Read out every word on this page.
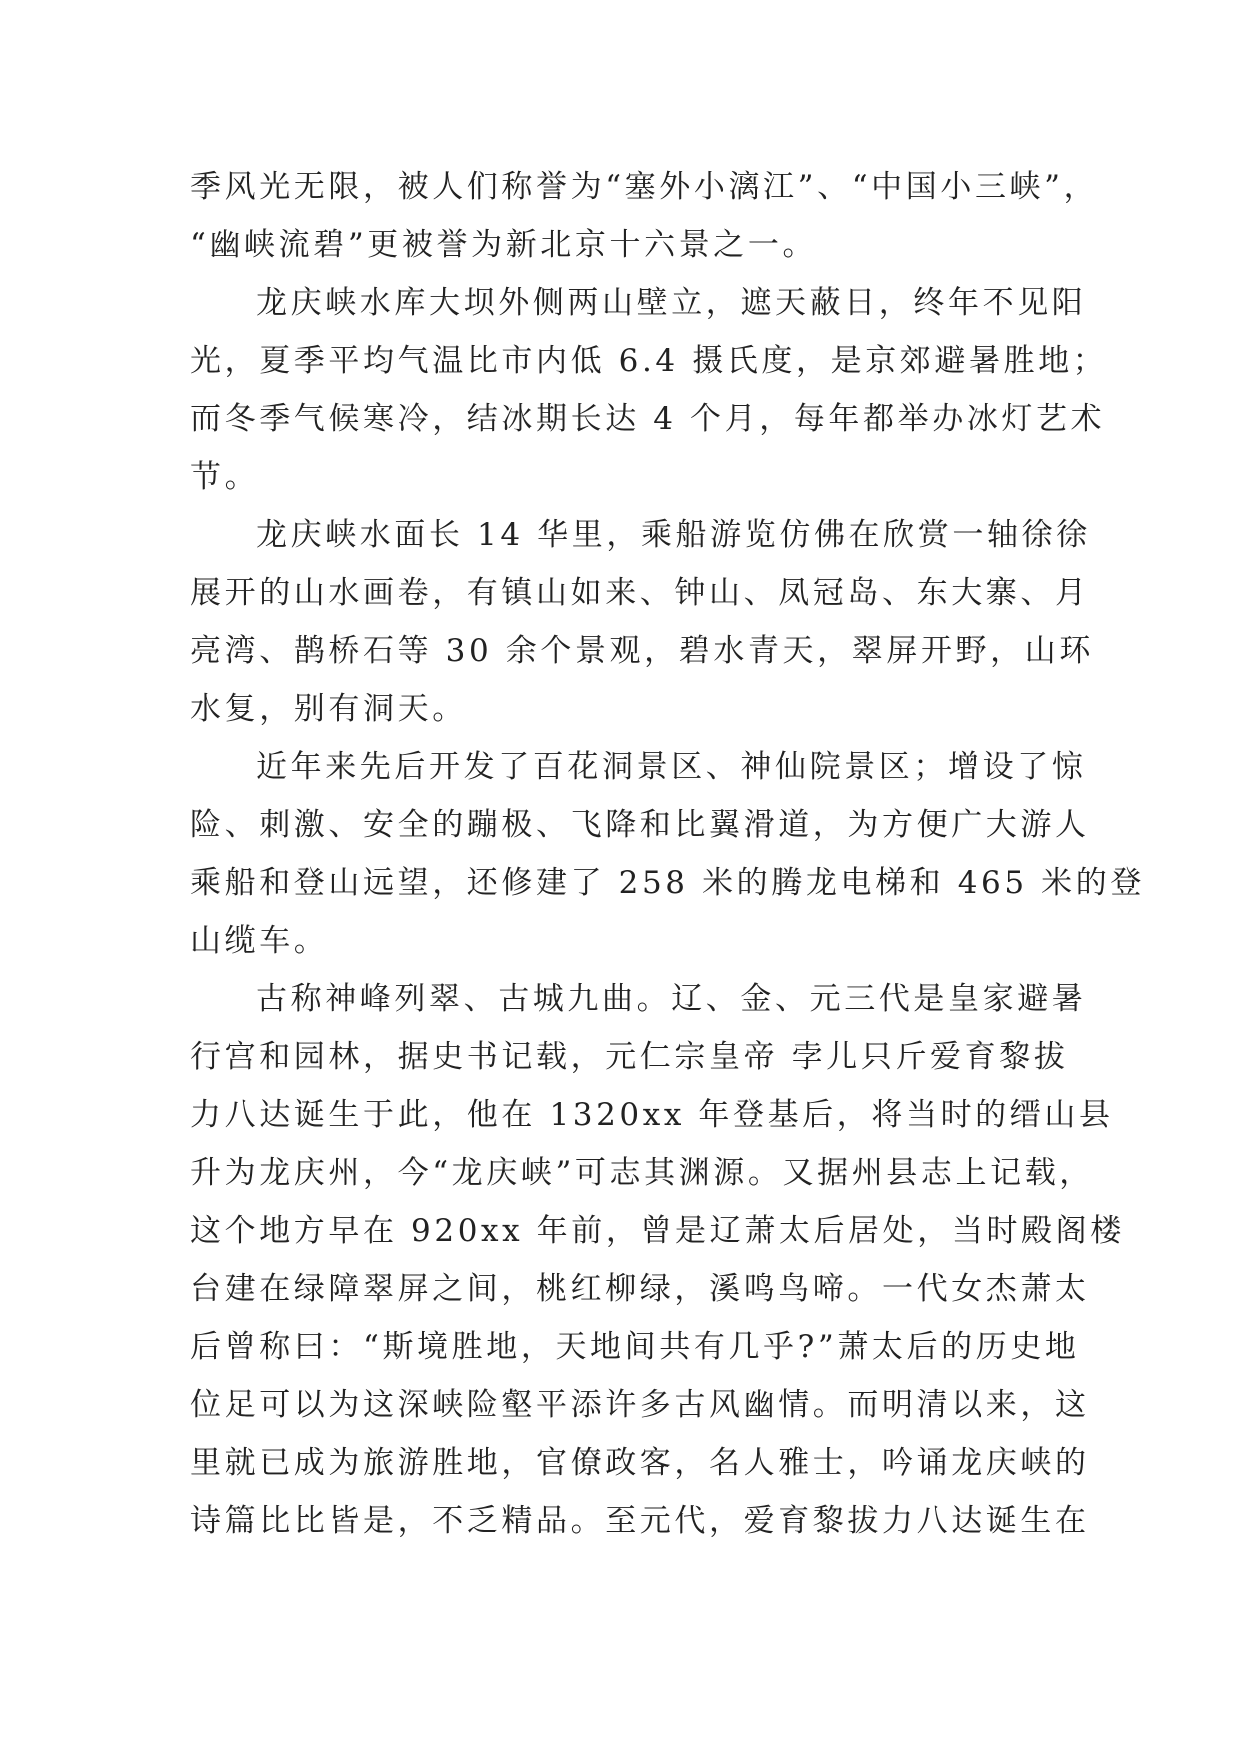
季风光无限，被人们称誉为“塞外小漓江”、“中国小三峡”，
“幽峡流碧”更被誉为新北京十六景之一。
龙庆峡水库大坝外侧两山壁立，遮天蔽日，终年不见阳
光，夏季平均气温比市内低 6.4 摄氏度，是京郊避暑胜地；
而冬季气候寒冷，结冰期长达 4 个月，每年都举办冰灯艺术
节。
龙庆峡水面长 14 华里，乘船游览仿佛在欣赏一轴徐徐
展开的山水画卷，有镇山如来、钟山、凤冠岛、东大寨、月
亮湾、鹊桥石等 30 余个景观，碧水青天，翠屏开野，山环
水复，别有洞天。
近年来先后开发了百花洞景区、神仙院景区；增设了惊
险、刺激、安全的蹦极、飞降和比翼滑道，为方便广大游人
乘船和登山远望，还修建了 258 米的腾龙电梯和 465 米的登
山缆车。
古称神峰列翠、古城九曲。辽、金、元三代是皇家避暑
行宫和园林，据史书记载，元仁宗皇帝 孛儿只斤爱育黎拔
力八达诞生于此，他在 1320xx 年登基后，将当时的缙山县
升为龙庆州，今“龙庆峡”可志其渊源。又据州县志上记载，
这个地方早在 920xx 年前，曾是辽萧太后居处，当时殿阁楼
台建在绿障翠屏之间，桃红柳绿，溪鸣鸟啼。一代女杰萧太
后曾称曰：“斯境胜地，天地间共有几乎?”萧太后的历史地
位足可以为这深峡险壑平添许多古风幽情。而明清以来，这
里就已成为旅游胜地，官僚政客，名人雅士，吟诵龙庆峡的
诗篇比比皆是，不乏精品。至元代，爱育黎拔力八达诞生在
